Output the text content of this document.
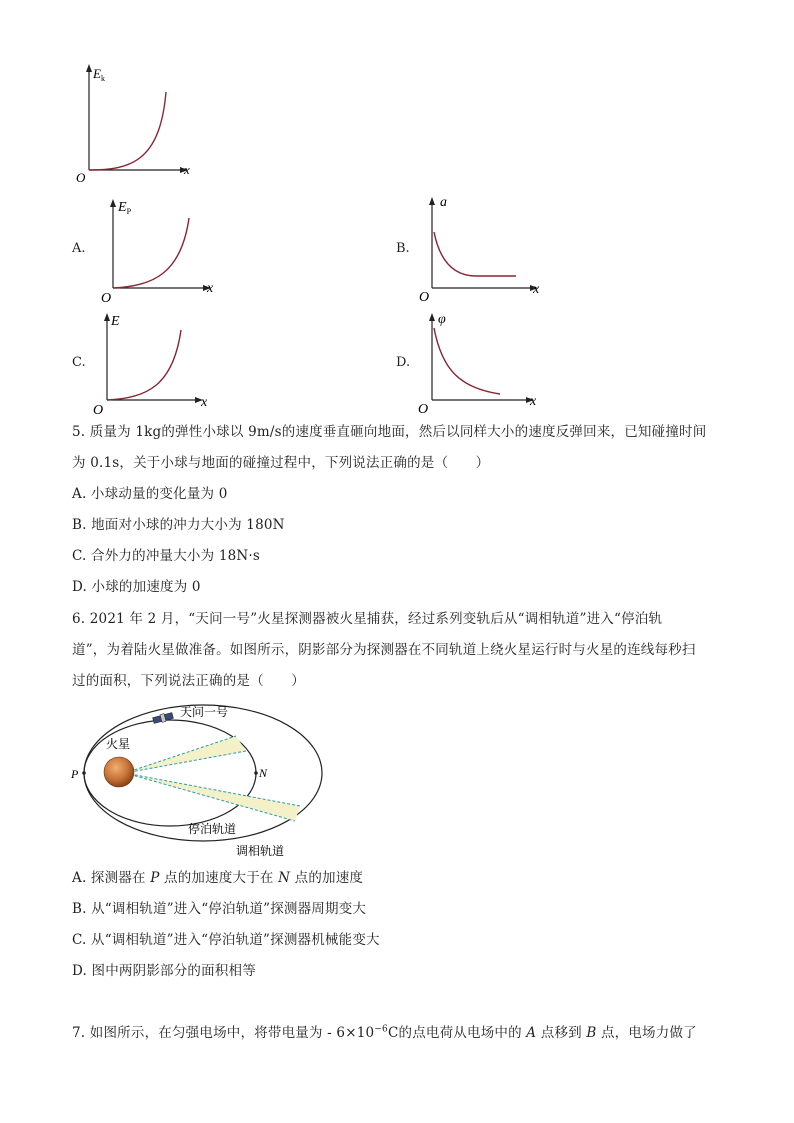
$E_k$
x
O
A.
$E_P$
x
O
B.
a
x
O
C.
E
x
O
D.
φ
x
O
5. 质量为 1kg的弹性小球以 9m/s的速度垂直砸向地面，然后以同样大小的速度反弹回来，已知碰撞时间
为 0.1s，关于小球与地面的碰撞过程中，下列说法正确的是（　　）
A. 小球动量的变化量为 0
B. 地面对小球的冲力大小为 180N
C. 合外力的冲量大小为 18N·s
D. 小球的加速度为 0
6. 2021 年 2 月，“天问一号”火星探测器被火星捕获，经过系列变轨后从“调相轨道”进入“停泊轨
道”，为着陆火星做准备。如图所示，阴影部分为探测器在不同轨道上绕火星运行时与火星的连线每秒扫
过的面积，下列说法正确的是（　　）
天问一号
火星
P	N
停泊轨道
调相轨道
A. 探测器在 P 点的加速度大于在 N 点的加速度
B. 从“调相轨道”进入“停泊轨道”探测器周期变大
C. 从“调相轨道”进入“停泊轨道”探测器机械能变大
D. 图中两阴影部分的面积相等
7. 如图所示，在匀强电场中，将带电量为 - $6\times 10^{-6}C$的点电荷从电场中的 A 点移到 B 点，电场力做了
